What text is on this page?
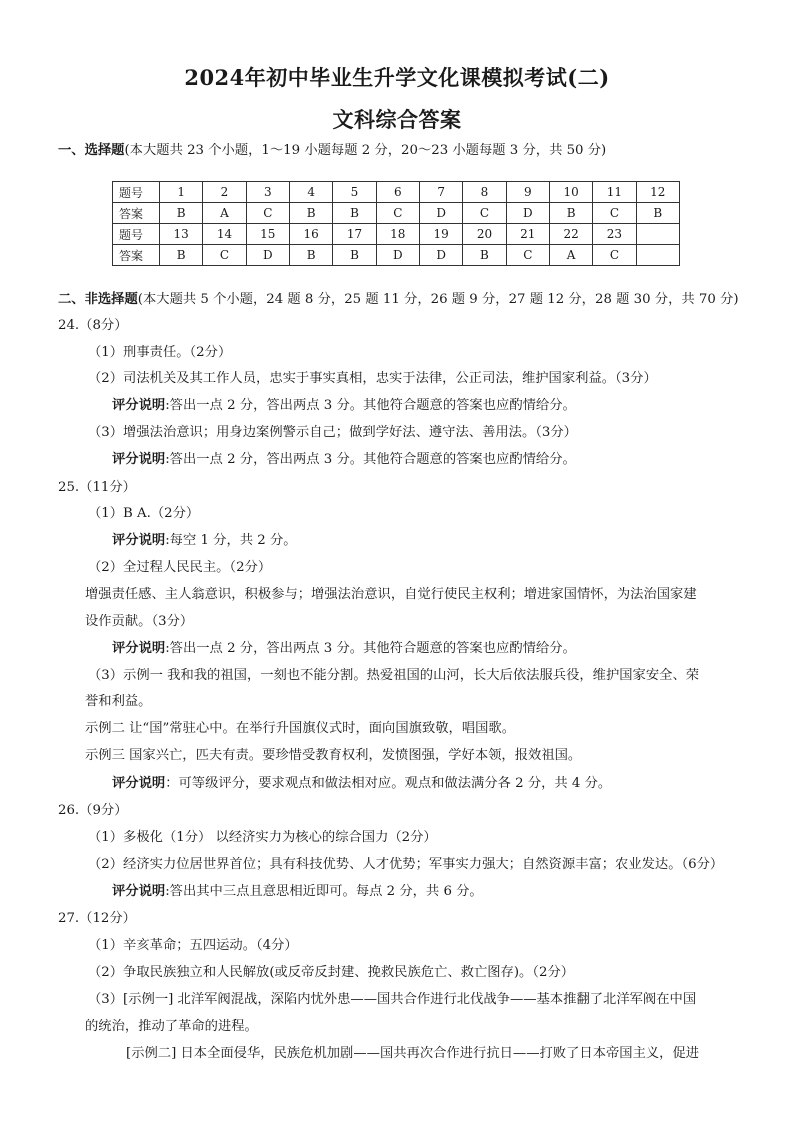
2024年初中毕业生升学文化课模拟考试(二)
文科综合答案
一、选择题(本大题共 23 个小题，1～19 小题每题 2 分，20～23 小题每题 3 分，共 50 分)
题号	1	2	3	4	5	6	7	8	9	10	11	12
答案	B	A	C	B	B	C	D	C	D	B	C	B
题号	13	14	15	16	17	18	19	20	21	22	23	
答案	B	C	D	B	B	D	D	B	C	A	C	
二、非选择题(本大题共 5 个小题，24 题 8 分，25 题 11 分，26 题 9 分，27 题 12 分，28 题 30 分，共 70 分)
24.（8分）
（1）刑事责任。（2分）
（2）司法机关及其工作人员，忠实于事实真相，忠实于法律，公正司法，维护国家利益。（3分）
评分说明:答出一点 2 分，答出两点 3 分。其他符合题意的答案也应酌情给分。
（3）增强法治意识；用身边案例警示自己；做到学好法、遵守法、善用法。（3分）
评分说明:答出一点 2 分，答出两点 3 分。其他符合题意的答案也应酌情给分。
25.（11分）
（1）B A.（2分）
评分说明:每空 1 分，共 2 分。
（2）全过程人民民主。（2分）
增强责任感、主人翁意识，积极参与；增强法治意识，自觉行使民主权利；增进家国情怀，为法治国家建
设作贡献。（3分）
评分说明:答出一点 2 分，答出两点 3 分。其他符合题意的答案也应酌情给分。
（3）示例一 我和我的祖国，一刻也不能分割。热爱祖国的山河，长大后依法服兵役，维护国家安全、荣
誉和利益。
示例二 让“国”常驻心中。在举行升国旗仪式时，面向国旗致敬，唱国歌。
示例三 国家兴亡，匹夫有责。要珍惜受教育权利，发愤图强，学好本领，报效祖国。
评分说明：可等级评分，要求观点和做法相对应。观点和做法满分各 2 分，共 4 分。
26.（9分）
（1）多极化（1分） 以经济实力为核心的综合国力（2分）
（2）经济实力位居世界首位；具有科技优势、人才优势；军事实力强大；自然资源丰富；农业发达。（6分）
评分说明:答出其中三点且意思相近即可。每点 2 分，共 6 分。
27.（12分）
（1）辛亥革命；五四运动。（4分）
（2）争取民族独立和人民解放(或反帝反封建、挽救民族危亡、救亡图存)。（2分）
（3）[示例一] 北洋军阀混战，深陷内忧外患——国共合作进行北伐战争——基本推翻了北洋军阀在中国
的统治，推动了革命的进程。
[示例二] 日本全面侵华，民族危机加剧——国共再次合作进行抗日——打败了日本帝国主义，促进
